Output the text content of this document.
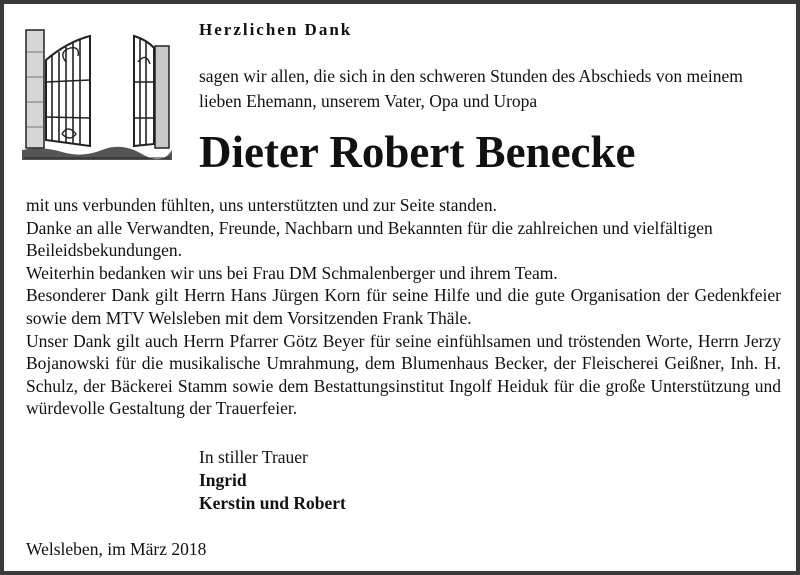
Herzlichen Dank
sagen wir allen, die sich in den schweren Stunden des Abschieds von meinem lieben Ehemann, unserem Vater, Opa und Uropa
Dieter Robert Benecke

mit uns verbunden fühlten, uns unterstützten und zur Seite standen.

Danke an alle Verwandten, Freunde, Nachbarn und Bekannten für die zahlreichen und vielfältigen Beileidsbekundungen.

Weiterhin bedanken wir uns bei Frau DM Schmalenberger und ihrem Team.

Besonderer Dank gilt Herrn Hans Jürgen Korn für seine Hilfe und die gute Organisation der Gedenkfeier sowie dem MTV Welsleben mit dem Vorsitzenden Frank Thäle.

Unser Dank gilt auch Herrn Pfarrer Götz Beyer für seine einfühlsamen und tröstenden Worte, Herrn Jerzy Bojanowski für die musikalische Umrahmung, dem Blumenhaus Becker, der Fleischerei Geißner, Inh. H. Schulz, der Bäckerei Stamm sowie dem Bestattungsinstitut Ingolf Heiduk für die große Unterstützung und würdevolle Gestaltung der Trauerfeier.

In stiller Trauer
Ingrid
Kerstin und Robert
Welsleben, im März 2018
